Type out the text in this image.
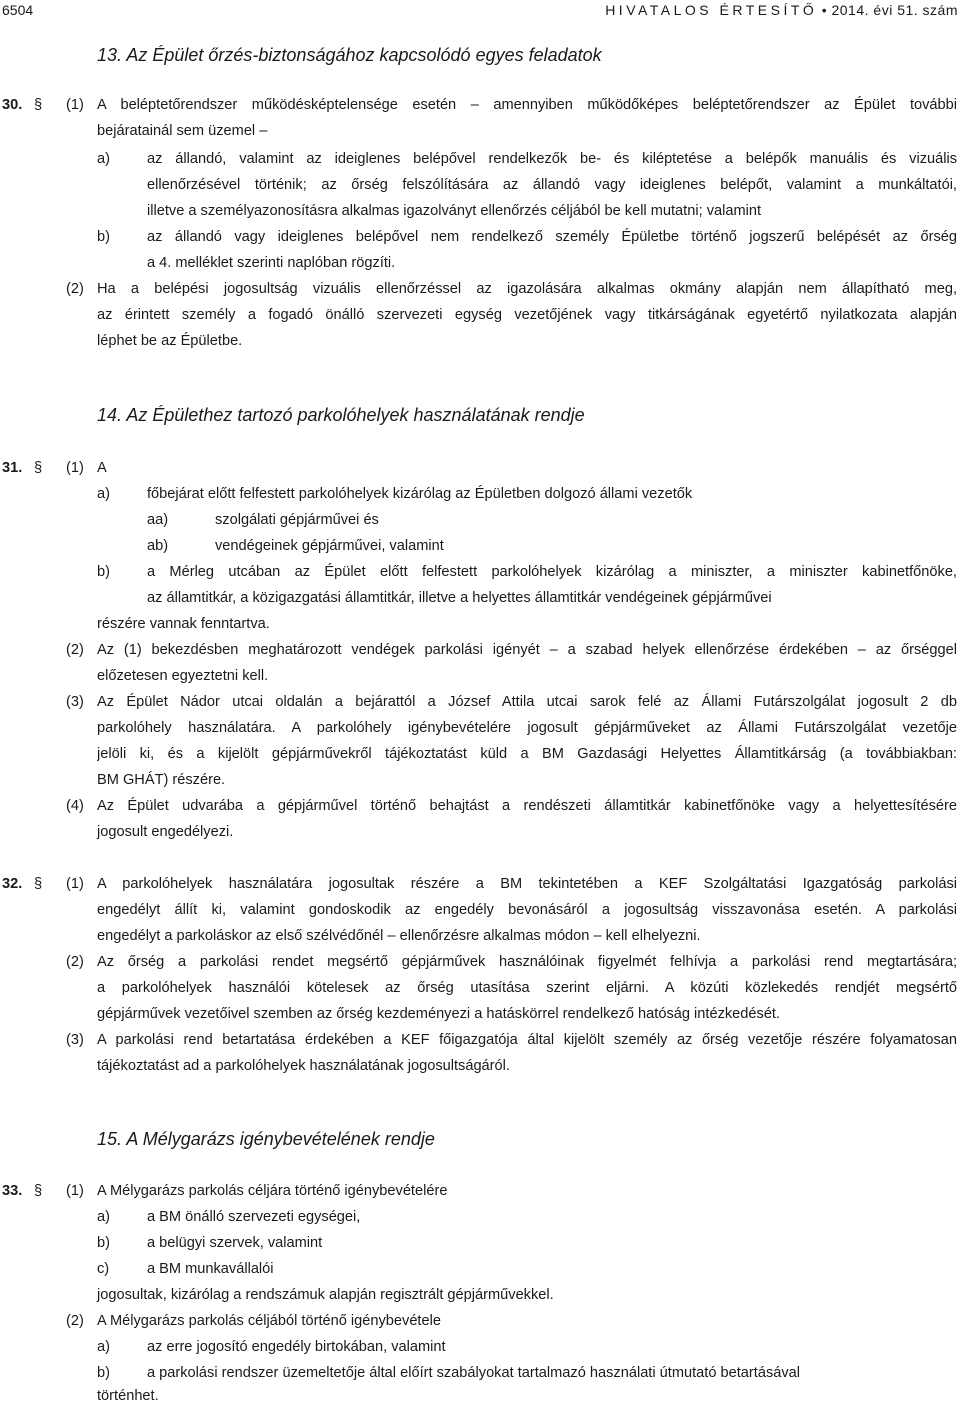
6504	HIVATALOS ÉRTESÍTŐ • 2014. évi 51. szám
13. Az Épület őrzés-biztonságához kapcsolódó egyes feladatok
30. § (1) A beléptetőrendszer működésképtelensége esetén – amennyiben működőképes beléptetőrendszer az Épület további
bejáratainál sem üzemel –
a)	az állandó, valamint az ideiglenes belépővel rendelkezők be- és kiléptetése a belépők manuális és vizuális
ellenőrzésével történik; az őrség felszólítására az állandó vagy ideiglenes belépőt, valamint a munkáltatói,
illetve a személyazonosításra alkalmas igazolványt ellenőrzés céljából be kell mutatni; valamint
b)	az állandó vagy ideiglenes belépővel nem rendelkező személy Épületbe történő jogszerű belépését az őrség
a 4. melléklet szerinti naplóban rögzíti.
(2) Ha a belépési jogosultság vizuális ellenőrzéssel az igazolására alkalmas okmány alapján nem állapítható meg,
az érintett személy a fogadó önálló szervezeti egység vezetőjének vagy titkárságának egyetértő nyilatkozata alapján
léphet be az Épületbe.
14. Az Épülethez tartozó parkolóhelyek használatának rendje
31. § (1) A
a)	főbejárat előtt felfestett parkolóhelyek kizárólag az Épületben dolgozó állami vezetők
aa)	szolgálati gépjárművei és
ab)	vendégeinek gépjárművei, valamint
b)	a Mérleg utcában az Épület előtt felfestett parkolóhelyek kizárólag a miniszter, a miniszter kabinetfőnöke,
az államtitkár, a közigazgatási államtitkár, illetve a helyettes államtitkár vendégeinek gépjárművei
részére vannak fenntartva.
(2) Az (1) bekezdésben meghatározott vendégek parkolási igényét – a szabad helyek ellenőrzése érdekében – az őrséggel
előzetesen egyeztetni kell.
(3) Az Épület Nádor utcai oldalán a bejárattól a József Attila utcai sarok felé az Állami Futárszolgálat jogosult 2 db
parkolóhely használatára. A parkolóhely igénybevételére jogosult gépjárműveket az Állami Futárszolgálat vezetője
jelöli ki, és a kijelölt gépjárművekről tájékoztatást küld a BM Gazdasági Helyettes Államtitkárság (a továbbiakban:
BM GHÁT) részére.
(4) Az Épület udvarába a gépjárművel történő behajtást a rendészeti államtitkár kabinetfőnöke vagy a helyettesítésére
jogosult engedélyezi.
32. § (1) A parkolóhelyek használatára jogosultak részére a BM tekintetében a KEF Szolgáltatási Igazgatóság parkolási
engedélyt állít ki, valamint gondoskodik az engedély bevonásáról a jogosultság visszavonása esetén. A parkolási
engedélyt a parkoláskor az első szélvédőnél – ellenőrzésre alkalmas módon – kell elhelyezni.
(2) Az őrség a parkolási rendet megsértő gépjárművek használóinak figyelmét felhívja a parkolási rend megtartására;
a parkolóhelyek használói kötelesek az őrség utasítása szerint eljárni. A közúti közlekedés rendjét megsértő
gépjárművek vezetőivel szemben az őrség kezdeményezi a hatáskörrel rendelkező hatóság intézkedését.
(3) A parkolási rend betartatása érdekében a KEF főigazgatója által kijelölt személy az őrség vezetője részére folyamatosan
tájékoztatást ad a parkolóhelyek használatának jogosultságáról.
15. A Mélygarázs igénybevételének rendje
33. § (1) A Mélygarázs parkolás céljára történő igénybevételére
a)	a BM önálló szervezeti egységei,
b)	a belügyi szervek, valamint
c)	a BM munkavállalói
jogosultak, kizárólag a rendszámuk alapján regisztrált gépjárművekkel.
(2) A Mélygarázs parkolás céljából történő igénybevétele
a)	az erre jogosító engedély birtokában, valamint
b)	a parkolási rendszer üzemeltetője által előírt szabályokat tartalmazó használati útmutató betartásával
történhet.
